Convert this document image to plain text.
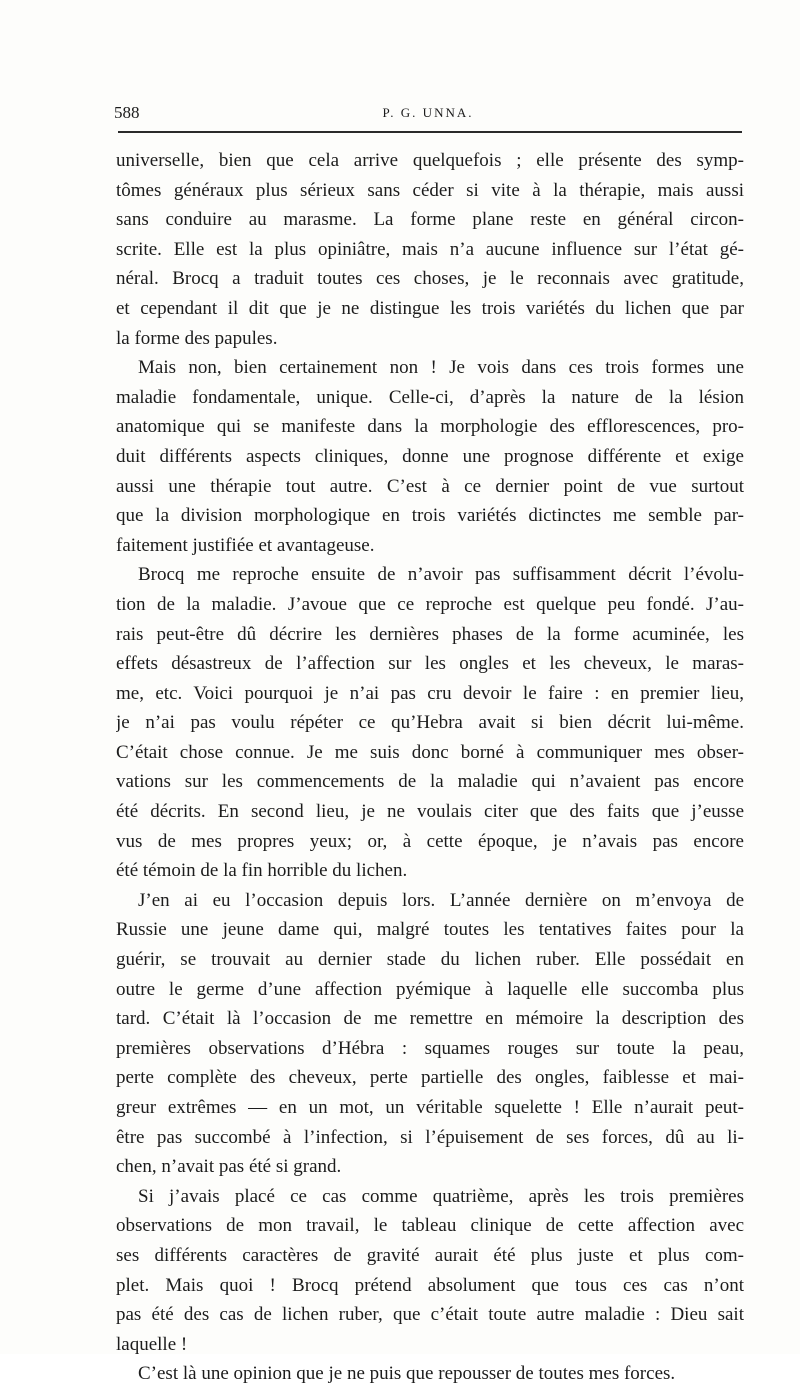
588	P. G. UNNA.
universelle, bien que cela arrive quelquefois ; elle présente des symp-
tômes généraux plus sérieux sans céder si vite à la thérapie, mais aussi
sans conduire au marasme. La forme plane reste en général circon-
scrite. Elle est la plus opiniâtre, mais n’a aucune influence sur l’état gé-
néral. Brocq a traduit toutes ces choses, je le reconnais avec gratitude,
et cependant il dit que je ne distingue les trois variétés du lichen que par
la forme des papules.
Mais non, bien certainement non ! Je vois dans ces trois formes une
maladie fondamentale, unique. Celle-ci, d’après la nature de la lésion
anatomique qui se manifeste dans la morphologie des efflorescences, pro-
duit différents aspects cliniques, donne une prognose différente et exige
aussi une thérapie tout autre. C’est à ce dernier point de vue surtout
que la division morphologique en trois variétés dictinctes me semble par-
faitement justifiée et avantageuse.
Brocq me reproche ensuite de n’avoir pas suffisamment décrit l’évolu-
tion de la maladie. J’avoue que ce reproche est quelque peu fondé. J’au-
rais peut-être dû décrire les dernières phases de la forme acuminée, les
effets désastreux de l’affection sur les ongles et les cheveux, le maras-
me, etc. Voici pourquoi je n’ai pas cru devoir le faire : en premier lieu,
je n’ai pas voulu répéter ce qu’Hebra avait si bien décrit lui-même.
C’était chose connue. Je me suis donc borné à communiquer mes obser-
vations sur les commencements de la maladie qui n’avaient pas encore
été décrits. En second lieu, je ne voulais citer que des faits que j’eusse
vus de mes propres yeux; or, à cette époque, je n’avais pas encore
été témoin de la fin horrible du lichen.
J’en ai eu l’occasion depuis lors. L’année dernière on m’envoya de
Russie une jeune dame qui, malgré toutes les tentatives faites pour la
guérir, se trouvait au dernier stade du lichen ruber. Elle possédait en
outre le germe d’une affection pyémique à laquelle elle succomba plus
tard. C’était là l’occasion de me remettre en mémoire la description des
premières observations d’Hébra : squames rouges sur toute la peau,
perte complète des cheveux, perte partielle des ongles, faiblesse et mai-
greur extrêmes — en un mot, un véritable squelette ! Elle n’aurait peut-
être pas succombé à l’infection, si l’épuisement de ses forces, dû au li-
chen, n’avait pas été si grand.
Si j’avais placé ce cas comme quatrième, après les trois premières
observations de mon travail, le tableau clinique de cette affection avec
ses différents caractères de gravité aurait été plus juste et plus com-
plet. Mais quoi ! Brocq prétend absolument que tous ces cas n’ont
pas été des cas de lichen ruber, que c’était toute autre maladie : Dieu sait
laquelle !
C’est là une opinion que je ne puis que repousser de toutes mes forces.
